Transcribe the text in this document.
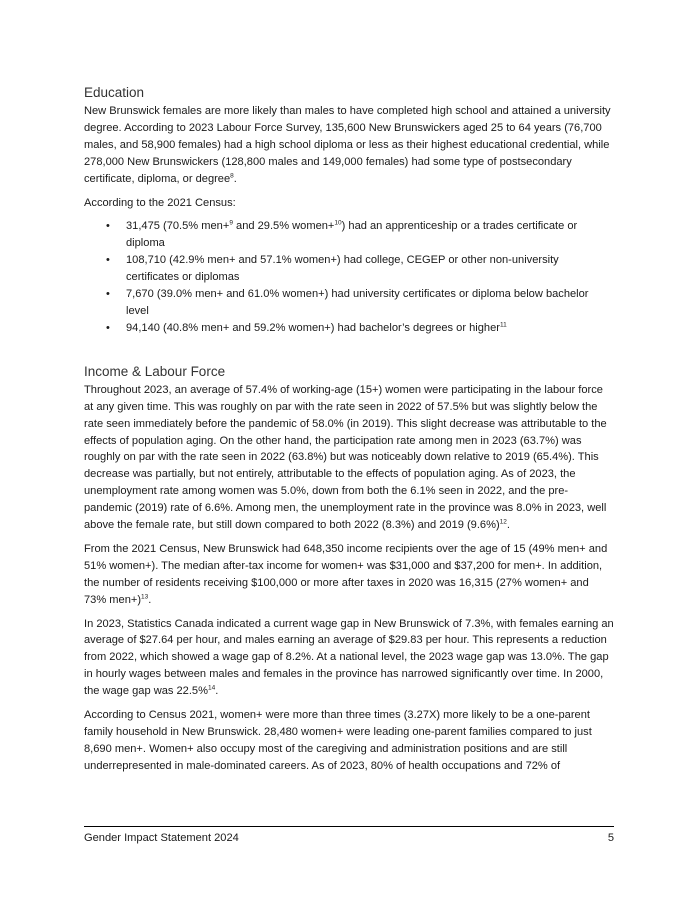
Education

New Brunswick females are more likely than males to have completed high school and attained a university degree. According to 2023 Labour Force Survey, 135,600 New Brunswickers aged 25 to 64 years (76,700 males, and 58,900 females) had a high school diploma or less as their highest educational credential, while 278,000 New Brunswickers (128,800 males and 149,000 females) had some type of postsecondary certificate, diploma, or degree$^8$.

According to the 2021 Census:

• 31,475 (70.5% men+$^9$ and 29.5% women+$^{10}$) had an apprenticeship or a trades certificate or diploma
• 108,710 (42.9% men+ and 57.1% women+) had college, CEGEP or other non-university certificates or diplomas
• 7,670 (39.0% men+ and 61.0% women+) had university certificates or diploma below bachelor level
• 94,140 (40.8% men+ and 59.2% women+) had bachelor’s degrees or higher$^{11}$
Income & Labour Force

Throughout 2023, an average of 57.4% of working-age (15+) women were participating in the labour force at any given time. This was roughly on par with the rate seen in 2022 of 57.5% but was slightly below the rate seen immediately before the pandemic of 58.0% (in 2019). This slight decrease was attributable to the effects of population aging. On the other hand, the participation rate among men in 2023 (63.7%) was roughly on par with the rate seen in 2022 (63.8%) but was noticeably down relative to 2019 (65.4%). This decrease was partially, but not entirely, attributable to the effects of population aging. As of 2023, the unemployment rate among women was 5.0%, down from both the 6.1% seen in 2022, and the pre-pandemic (2019) rate of 6.6%. Among men, the unemployment rate in the province was 8.0% in 2023, well above the female rate, but still down compared to both 2022 (8.3%) and 2019 $(9.6\%)^{12}$.

From the 2021 Census, New Brunswick had 648,350 income recipients over the age of 15 (49% men+ and 51% women+). The median after-tax income for women+ was $31,000 and $37,200 for men+. In addition, the number of residents receiving $100,000 or more after taxes in 2020 was 16,315 (27% women+ and 73% men+)$^{13}$.

In 2023, Statistics Canada indicated a current wage gap in New Brunswick of 7.3%, with females earning an average of $27.64 per hour, and males earning an average of $29.83 per hour. This represents a reduction from 2022, which showed a wage gap of 8.2%. At a national level, the 2023 wage gap was 13.0%. The gap in hourly wages between males and females in the province has narrowed significantly over time. In 2000, the wage gap was 22.5%$^{14}$.

According to Census 2021, women+ were more than three times (3.27X) more likely to be a one-parent family household in New Brunswick. 28,480 women+ were leading one-parent families compared to just 8,690 men+. Women+ also occupy most of the caregiving and administration positions and are still underrepresented in male-dominated careers. As of 2023, 80% of health occupations and 72% of

Gender Impact Statement 2024	5
